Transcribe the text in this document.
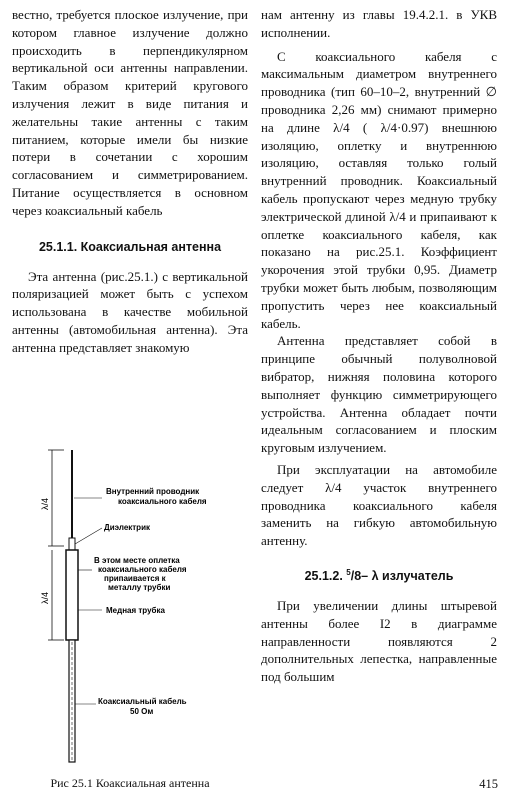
вестно, требуется плоское излучение, при котором главное излучение должно происходить в перпендикулярном вертикальной оси антенны направлении. Таким образом критерий кругового излучения лежит в виде питания и желательны такие антенны с таким питанием, которые имели бы низкие потери в сочетании с хорошим согласованием и симметрированием. Питание осуществляется в основном через коаксиальный кабель

25.1.1. Коаксиальная антенна

Эта антенна (рис.25.1.) с вертикальной поляризацией может быть с успехом использована в качестве мобильной антенны (автомобильная антенна). Эта антенна представляет знакомую

λ/4
λ/4
Внутренний проводник
коаксиального кабеля
Диэлектрик
В этом месте оплетка
коаксиального кабеля
припаивается к
металлу трубки
Медная трубка
Коаксиальный кабель
50 Ом
Рис 25.1 Коаксиальная антенна

нам антенну из главы 19.4.2.1. в УКВ исполнении.

С коаксиального кабеля с максимальным диаметром внутреннего проводника (тип 60–10–2, внутренний ∅ проводника 2,26 мм) снимают примерно на длине λ/4 ( λ/4·0.97) внешнюю изоляцию, оплетку и внутреннюю изоляцию, оставляя только голый внутренний проводник. Коаксиальный кабель пропускают через медную трубку электрической длиной λ/4 и припаивают к оплетке коаксиального кабеля, как показано на рис.25.1. Коэффициент укорочения этой трубки 0,95. Диаметр трубки может быть любым, позволяющим пропустить через нее коаксиальный кабель.

Антенна представляет собой в принципе обычный полуволновой вибратор, нижняя половина которого выполняет функцию симметрирующего устройства. Антенна обладает почти идеальным согласованием и плоским круговым излучением.

При эксплуатации на автомобиле следует λ/4 участок внутреннего проводника коаксиального кабеля заменить на гибкую автомобильную антенну.

25.1.2. $^5$/8– λ излучатель

При увеличении длины штыревой антенны более I2 в диаграмме направленности появляются 2 дополнительных лепестка, направленные под большим

415
